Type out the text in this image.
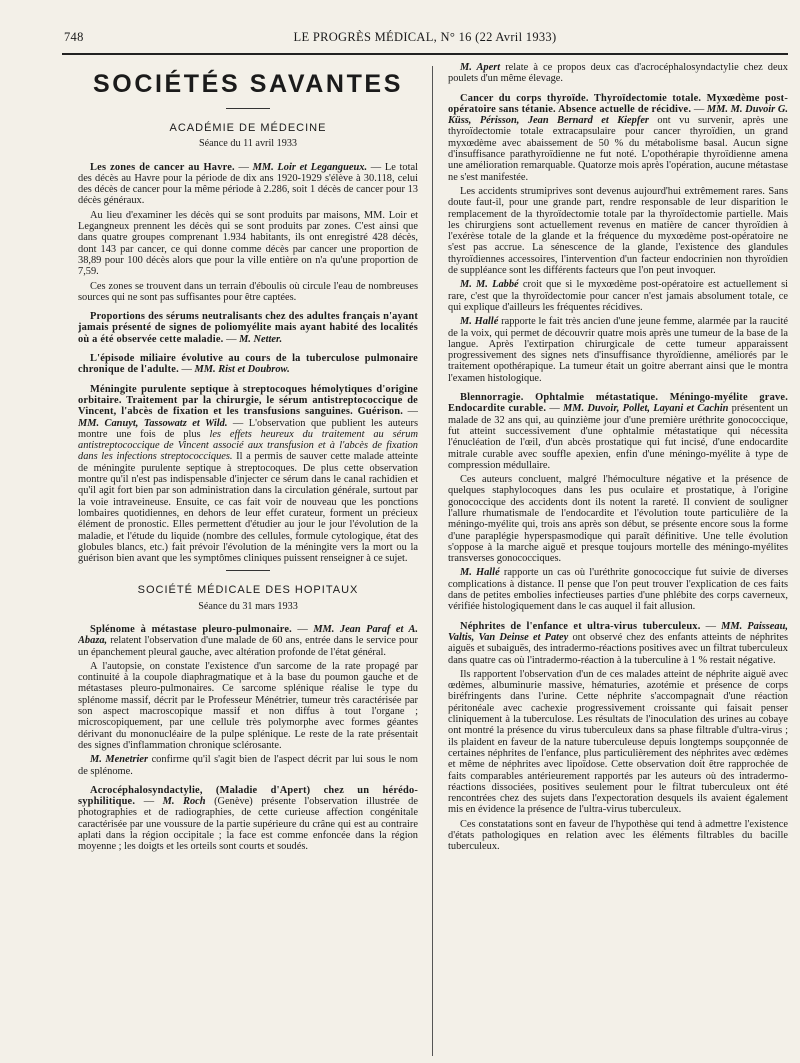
748	LE PROGRÈS MÉDICAL, N° 16 (22 Avril 1933)
SOCIÉTÉS SAVANTES
ACADÉMIE DE MÉDECINE
Séance du 11 avril 1933

Les zones de cancer au Havre. — MM. Loir et Legangueux. — Le total des décès au Havre pour la période de dix ans 1920-1929 s'élève à 30.118, celui des décès de cancer pour la même période à 2.286, soit 1 décès de cancer pour 13 décès généraux.

Au lieu d'examiner les décès qui se sont produits par maisons, MM. Loir et Legangneux prennent les décès qui se sont produits par zones. C'est ainsi que dans quatre groupes comprenant 1.934 habitants, ils ont enregistré 428 décès, dont 143 par cancer, ce qui donne comme décès par cancer une proportion de 38,89 pour 100 décès alors que pour la ville entière on n'a qu'une proportion de 7,59.

Ces zones se trouvent dans un terrain d'éboulis où circule l'eau de nombreuses sources qui ne sont pas suffisantes pour être captées.

Proportions des sérums neutralisants chez des adultes français n'ayant jamais présenté de signes de poliomyélite mais ayant habité des localités où a été observée cette maladie. — M. Netter.

L'épisode miliaire évolutive au cours de la tuberculose pulmonaire chronique de l'adulte. — MM. Rist et Doubrow.

Méningite purulente septique à streptocoques hémolytiques d'origine orbitaire. Traitement par la chirurgie, le sérum antistreptococcique de Vincent, l'abcès de fixation et les transfusions sanguines. Guérison. — MM. Canuyt, Tassowatz et Wild. — L'observation que publient les auteurs montre une fois de plus les effets heureux du traitement au sérum antistreptococcique de Vincent associé aux transfusion et à l'abcès de fixation dans les infections streptococciques. Il a permis de sauver cette malade atteinte de méningite purulente septique à streptocoques. De plus cette observation montre qu'il n'est pas indispensable d'injecter ce sérum dans le canal rachidien et qu'il agit fort bien par son administration dans la circulation générale, surtout par la voie intraveineuse. Ensuite, ce cas fait voir de nouveau que les ponctions lombaires quotidiennes, en dehors de leur effet curateur, forment un précieux élément de pronostic. Elles permettent d'étudier au jour le jour l'évolution de la maladie, et l'étude du liquide (nombre des cellules, formule cytologique, état des globules blancs, etc.) fait prévoir l'évolution de la méningite vers la mort ou la guérison bien avant que les symptômes cliniques puissent renseigner à ce sujet.

SOCIÉTÉ MÉDICALE DES HOPITAUX
Séance du 31 mars 1933

Splénome à métastase pleuro-pulmonaire. — MM. Jean Paraf et A. Abaza, relatent l'observation d'une malade de 60 ans, entrée dans le service pour un épanchement pleural gauche, avec altération profonde de l'état général.

A l'autopsie, on constate l'existence d'un sarcome de la rate propagé par continuité à la coupole diaphragmatique et à la base du poumon gauche et de métastases pleuro-pulmonaires. Ce sarcome splénique réalise le type du splénome massif, décrit par le Professeur Ménétrier, tumeur très caractérisée par son aspect macroscopique massif et non diffus à tout l'organe ; microscopiquement, par une cellule très polymorphe avec formes géantes dérivant du mononucléaire de la pulpe splénique. Le reste de la rate présentait des signes d'inflammation chronique sclérosante.

M. Menetrier confirme qu'il s'agit bien de l'aspect décrit par lui sous le nom de splénome.

Acrocéphalosyndactylie, (Maladie d'Apert) chez un hérédo-syphilitique. — M. Roch (Genève) présente l'observation illustrée de photographies et de radiographies, de cette curieuse affection congénitale caractérisée par une voussure de la partie supérieure du crâne qui est au contraire aplati dans la région occipitale ; la face est comme enfoncée dans la région moyenne ; les doigts et les orteils sont courts et soudés.

M. Apert relate à ce propos deux cas d'acrocéphalosyndactylie chez deux poulets d'un même élevage.

Cancer du corps thyroïde. Thyroïdectomie totale. Myxœdème post-opératoire sans tétanie. Absence actuelle de récidive. — MM. M. Duvoir G. Küss, Périsson, Jean Bernard et Kiepfer ont vu survenir, après une thyroïdectomie totale extracapsulaire pour cancer thyroïdien, un grand myxœdème avec abaissement de 50 % du métabolisme basal. Aucun signe d'insuffisance parathyroïdienne ne fut noté. L'opothérapie thyroïdienne amena une amélioration remarquable. Quatorze mois après l'opération, aucune métastase ne s'est manifestée.

Les accidents strumiprives sont devenus aujourd'hui extrêmement rares. Sans doute faut-il, pour une grande part, rendre responsable de leur disparition le remplacement de la thyroïdectomie totale par la thyroïdectomie partielle. Mais les chirurgiens sont actuellement revenus en matière de cancer thyroïdien à l'exérèse totale de la glande et la fréquence du myxœdème post-opératoire ne s'est pas accrue. La sénescence de la glande, l'existence des glandules thyroïdiennes accessoires, l'intervention d'un facteur endocrinien non thyroïdien de suppléance sont les différents facteurs que l'on peut invoquer.

M. M. Labbé croit que si le myxœdème post-opératoire est actuellement si rare, c'est que la thyroïdectomie pour cancer n'est jamais absolument totale, ce qui explique d'ailleurs les fréquentes récidives.

M. Hallé rapporte le fait très ancien d'une jeune femme, alarmée par la raucité de la voix, qui permet de découvrir quatre mois après une tumeur de la base de la langue. Après l'extirpation chirurgicale de cette tumeur apparaissent progressivement des signes nets d'insuffisance thyroïdienne, améliorés par le traitement opothérapique. La tumeur était un goitre aberrant ainsi que le montra l'examen histologique.

Blennorragie. Ophtalmie métastatique. Méningo-myélite grave. Endocardite curable. — MM. Duvoir, Pollet, Layani et Cachin présentent un malade de 32 ans qui, au quinzième jour d'une première uréthrite gonococcique, fut atteint successivement d'une ophtalmie métastatique qui nécessita l'énucléation de l'œil, d'un abcès prostatique qui fut incisé, d'une endocardite mitrale curable avec souffle apexien, enfin d'une méningo-myélite à type de compression médullaire.

Ces auteurs concluent, malgré l'hémoculture négative et la présence de quelques staphylocoques dans les pus oculaire et prostatique, à l'origine gonococcique des accidents dont ils notent la rareté. Il convient de souligner l'allure rhumatismale de l'endocardite et l'évolution toute particulière de la méningo-myélite qui, trois ans après son début, se présente encore sous la forme d'une paraplégie hyperspasmodique qui paraît définitive. Une telle évolution s'oppose à la marche aiguë et presque toujours mortelle des méningo-myélites transverses gonococciques.

M. Hallé rapporte un cas où l'uréthrite gonococcique fut suivie de diverses complications à distance. Il pense que l'on peut trouver l'explication de ces faits dans de petites embolies infectieuses parties d'une phlébite des corps caverneux, vérifiée histologiquement dans le cas auquel il fait allusion.

Néphrites de l'enfance et ultra-virus tuberculeux. — MM. Paisseau, Valtis, Van Deinse et Patey ont observé chez des enfants atteints de néphrites aiguës et subaiguës, des intradermo-réactions positives avec un filtrat tuberculeux dans quatre cas où l'intradermo-réaction à la tuberculine à 1 % restait négative.

Ils rapportent l'observation d'un de ces malades atteint de néphrite aiguë avec œdèmes, albuminurie massive, hématuries, azotémie et présence de corps biréfringents dans l'urine. Cette néphrite s'accompagnait d'une réaction péritonéale avec cachexie progressivement croissante qui faisait penser cliniquement à la tuberculose. Les résultats de l'inoculation des urines au cobaye ont montré la présence du virus tuberculeux dans sa phase filtrable d'ultra-virus ; ils plaident en faveur de la nature tuberculeuse depuis longtemps soupçonnée de certaines néphrites de l'enfance, plus particulièrement des néphrites avec œdèmes et même de néphrites avec lipoïdose. Cette observation doit être rapprochée de faits comparables antérieurement rapportés par les auteurs où des intradermo-réactions dissociées, positives seulement pour le filtrat tuberculeux ont été rencontrées chez des sujets dans l'expectoration desquels ils avaient également mis en évidence la présence de l'ultra-virus tuberculeux.

Ces constatations sont en faveur de l'hypothèse qui tend à admettre l'existence d'états pathologiques en relation avec les éléments filtrables du bacille tuberculeux.
